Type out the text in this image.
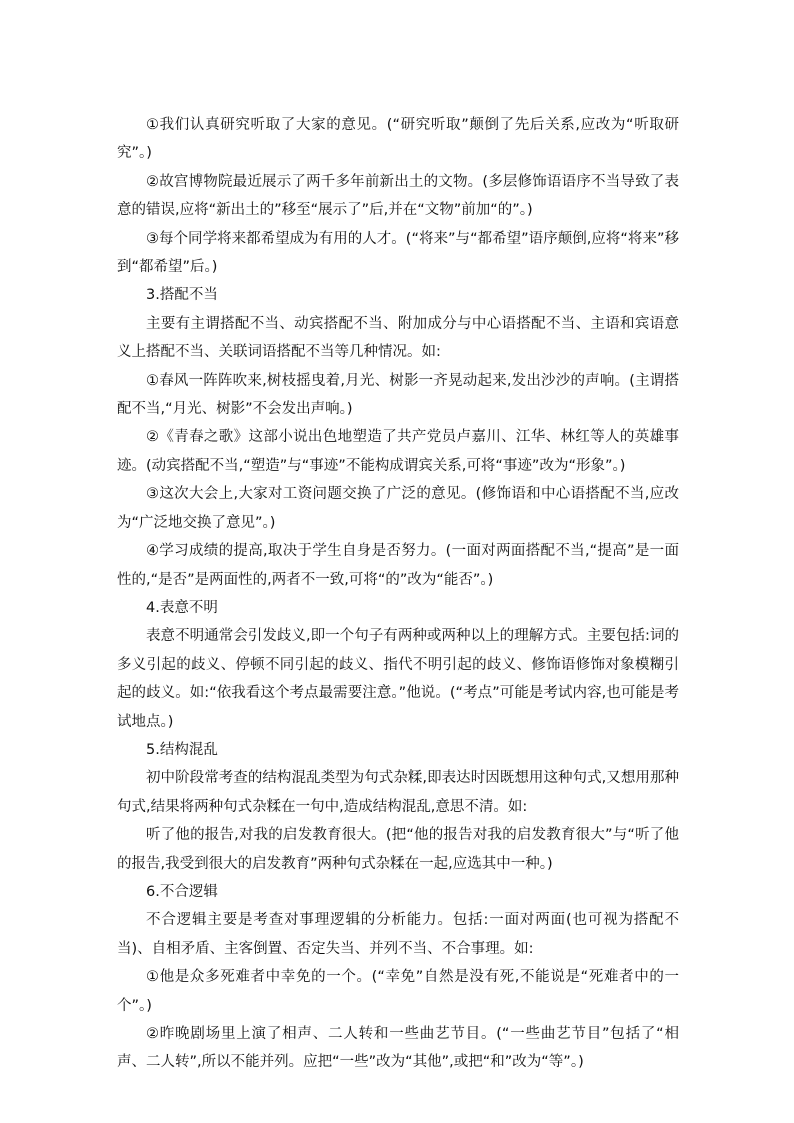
①我们认真研究听取了大家的意见。(“研究听取”颠倒了先后关系,应改为“听取研究”。)

②故宫博物院最近展示了两千多年前新出土的文物。(多层修饰语语序不当导致了表意的错误,应将“新出土的”移至“展示了”后,并在“文物”前加“的”。)

③每个同学将来都希望成为有用的人才。(“将来”与“都希望”语序颠倒,应将“将来”移到“都希望”后。)

3.搭配不当

主要有主谓搭配不当、动宾搭配不当、附加成分与中心语搭配不当、主语和宾语意义上搭配不当、关联词语搭配不当等几种情况。如:

①春风一阵阵吹来,树枝摇曳着,月光、树影一齐晃动起来,发出沙沙的声响。(主谓搭配不当,“月光、树影”不会发出声响。)

②《青春之歌》这部小说出色地塑造了共产党员卢嘉川、江华、林红等人的英雄事迹。(动宾搭配不当,“塑造”与“事迹”不能构成谓宾关系,可将“事迹”改为“形象”。)

③这次大会上,大家对工资问题交换了广泛的意见。(修饰语和中心语搭配不当,应改为“广泛地交换了意见”。)

④学习成绩的提高,取决于学生自身是否努力。(一面对两面搭配不当,“提高”是一面性的,“是否”是两面性的,两者不一致,可将“的”改为“能否”。)

4.表意不明

表意不明通常会引发歧义,即一个句子有两种或两种以上的理解方式。主要包括:词的多义引起的歧义、停顿不同引起的歧义、指代不明引起的歧义、修饰语修饰对象模糊引起的歧义。如:“依我看这个考点最需要注意。”他说。(“考点”可能是考试内容,也可能是考试地点。)

5.结构混乱

初中阶段常考查的结构混乱类型为句式杂糅,即表达时因既想用这种句式,又想用那种句式,结果将两种句式杂糅在一句中,造成结构混乱,意思不清。如:

听了他的报告,对我的启发教育很大。(把“他的报告对我的启发教育很大”与“听了他的报告,我受到很大的启发教育”两种句式杂糅在一起,应选其中一种。)

6.不合逻辑

不合逻辑主要是考查对事理逻辑的分析能力。包括:一面对两面(也可视为搭配不当)、自相矛盾、主客倒置、否定失当、并列不当、不合事理。如:

①他是众多死难者中幸免的一个。(“幸免”自然是没有死,不能说是“死难者中的一个”。)

②昨晚剧场里上演了相声、二人转和一些曲艺节目。(“一些曲艺节目”包括了“相声、二人转”,所以不能并列。应把“一些”改为“其他”,或把“和”改为“等”。)
